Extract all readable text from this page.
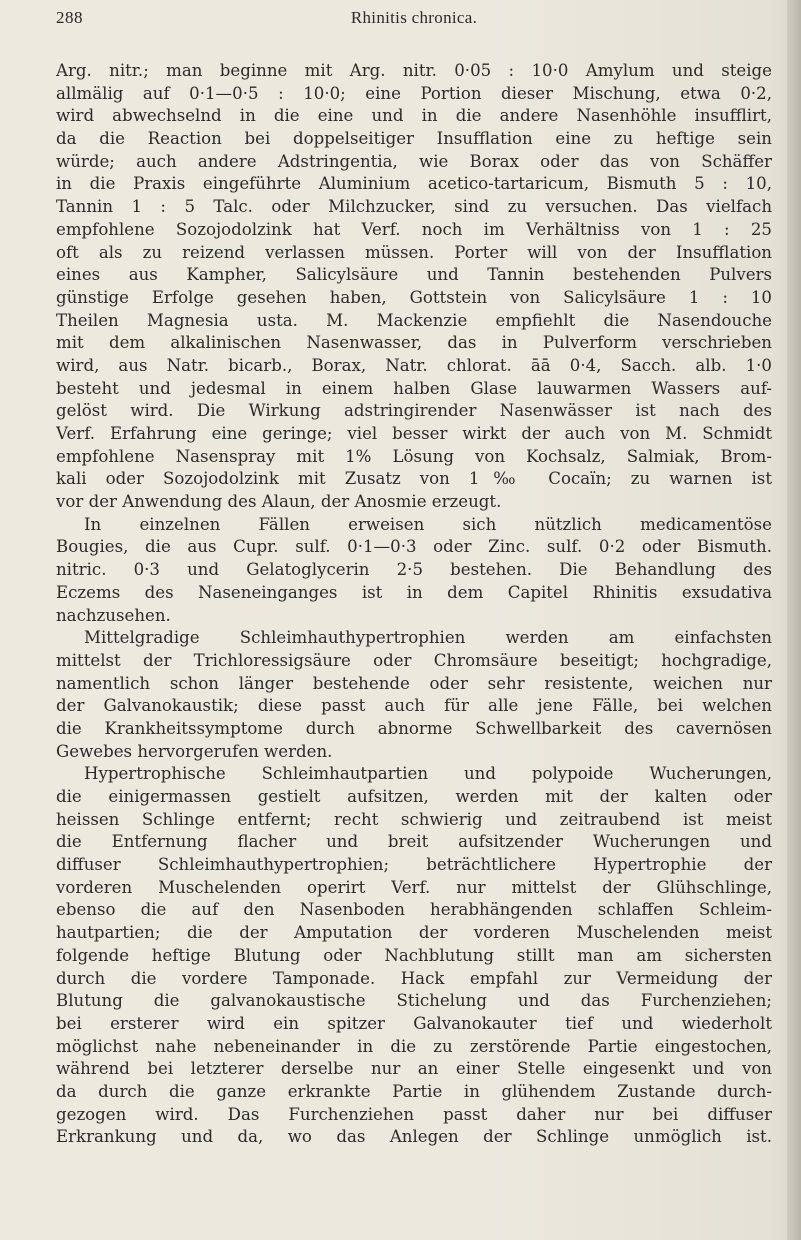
288	Rhinitis chronica.
Arg. nitr.; man beginne mit Arg. nitr. 0·05 : 10·0 Amylum und steige
allmälig auf 0·1—0·5 : 10·0; eine Portion dieser Mischung, etwa 0·2,
wird abwechselnd in die eine und in die andere Nasenhöhle insufflirt,
da die Reaction bei doppelseitiger Insufflation eine zu heftige sein
würde; auch andere Adstringentia, wie Borax oder das von Schäffer
in die Praxis eingeführte Aluminium acetico-tartaricum, Bismuth 5 : 10,
Tannin 1 : 5 Talc. oder Milchzucker, sind zu versuchen. Das vielfach
empfohlene Sozojodolzink hat Verf. noch im Verhältniss von 1 : 25
oft als zu reizend verlassen müssen. Porter will von der Insufflation
eines aus Kampher, Salicylsäure und Tannin bestehenden Pulvers
günstige Erfolge gesehen haben, Gottstein von Salicylsäure 1 : 10
Theilen Magnesia usta. M. Mackenzie empfiehlt die Nasendouche
mit dem alkalinischen Nasenwasser, das in Pulverform verschrieben
wird, aus Natr. bicarb., Borax, Natr. chlorat. āā 0·4, Sacch. alb. 1·0
besteht und jedesmal in einem halben Glase lauwarmen Wassers auf-
gelöst wird. Die Wirkung adstringirender Nasenwässer ist nach des
Verf. Erfahrung eine geringe; viel besser wirkt der auch von M. Schmidt
empfohlene Nasenspray mit 1% Lösung von Kochsalz, Salmiak, Brom-
kali oder Sozojodolzink mit Zusatz von 1‰ Cocaïn; zu warnen ist
vor der Anwendung des Alaun, der Anosmie erzeugt.
In einzelnen Fällen erweisen sich nützlich medicamentöse
Bougies, die aus Cupr. sulf. 0·1—0·3 oder Zinc. sulf. 0·2 oder Bismuth.
nitric. 0·3 und Gelatoglycerin 2·5 bestehen. Die Behandlung des
Eczems des Naseneinganges ist in dem Capitel Rhinitis exsudativa
nachzusehen.
Mittelgradige Schleimhauthypertrophien werden am einfachsten
mittelst der Trichloressigsäure oder Chromsäure beseitigt; hochgradige,
namentlich schon länger bestehende oder sehr resistente, weichen nur
der Galvanokaustik; diese passt auch für alle jene Fälle, bei welchen
die Krankheitssymptome durch abnorme Schwellbarkeit des cavernösen
Gewebes hervorgerufen werden.
Hypertrophische Schleimhautpartien und polypoide Wucherungen,
die einigermassen gestielt aufsitzen, werden mit der kalten oder
heissen Schlinge entfernt; recht schwierig und zeitraubend ist meist
die Entfernung flacher und breit aufsitzender Wucherungen und
diffuser Schleimhauthypertrophien; beträchtlichere Hypertrophie der
vorderen Muschelenden operirt Verf. nur mittelst der Glühschlinge,
ebenso die auf den Nasenboden herabhängenden schlaffen Schleim-
hautpartien; die der Amputation der vorderen Muschelenden meist
folgende heftige Blutung oder Nachblutung stillt man am sichersten
durch die vordere Tamponade. Hack empfahl zur Vermeidung der
Blutung die galvanokaustische Stichelung und das Furchenziehen;
bei ersterer wird ein spitzer Galvanokauter tief und wiederholt
möglichst nahe nebeneinander in die zu zerstörende Partie eingestochen,
während bei letzterer derselbe nur an einer Stelle eingesenkt und von
da durch die ganze erkrankte Partie in glühendem Zustande durch-
gezogen wird. Das Furchenziehen passt daher nur bei diffuser
Erkrankung und da, wo das Anlegen der Schlinge unmöglich ist.
